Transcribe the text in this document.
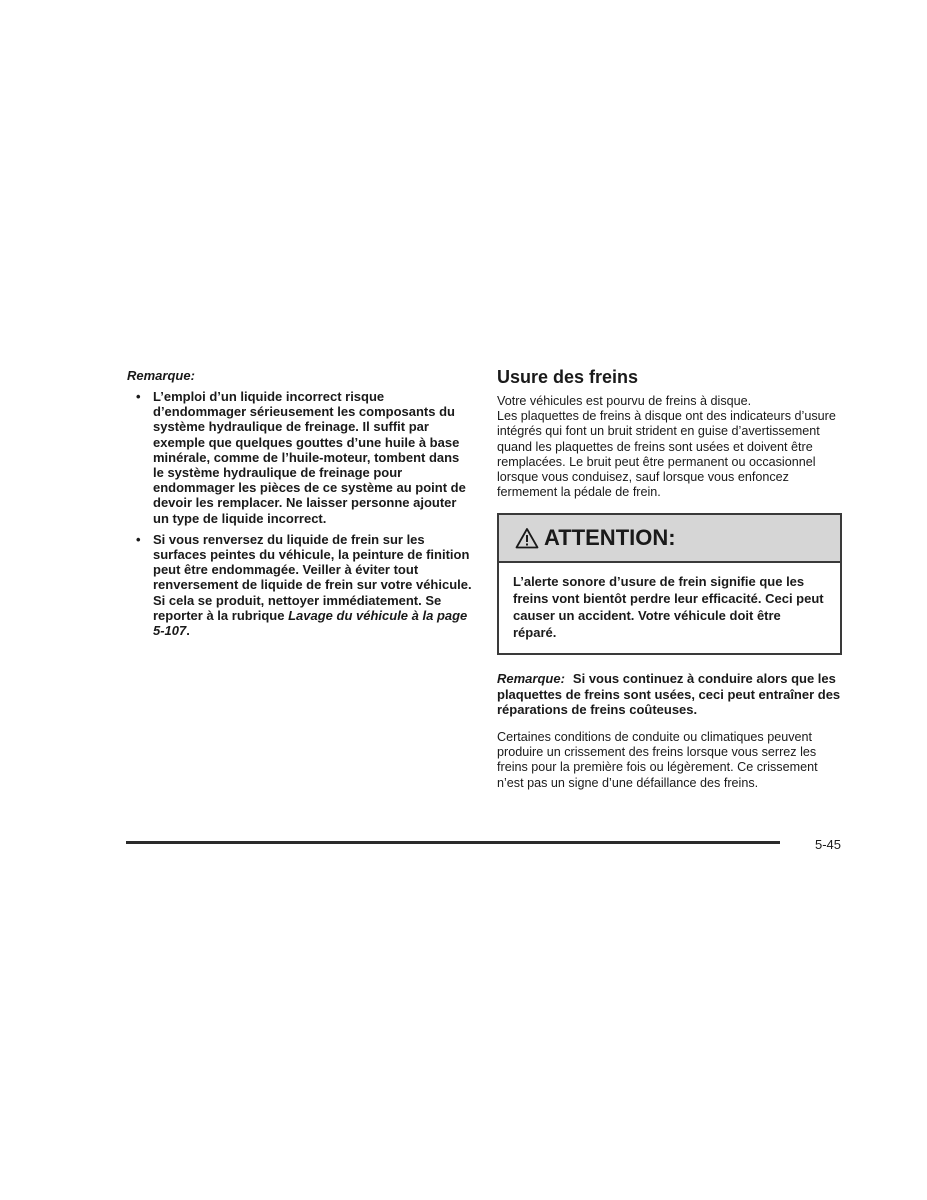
Remarque:

• L’emploi d’un liquide incorrect risque d’endommager sérieusement les composants du système hydraulique de freinage. Il suffit par exemple que quelques gouttes d’une huile à base minérale, comme de l’huile-moteur, tombent dans le système hydraulique de freinage pour endommager les pièces de ce système au point de devoir les remplacer. Ne laisser personne ajouter un type de liquide incorrect.
• Si vous renversez du liquide de frein sur les surfaces peintes du véhicule, la peinture de finition peut être endommagée. Veiller à éviter tout renversement de liquide de frein sur votre véhicule. Si cela se produit, nettoyer immédiatement. Se reporter à la rubrique Lavage du véhicule à la page 5-107.
Usure des freins

Votre véhicules est pourvu de freins à disque.

Les plaquettes de freins à disque ont des indicateurs d’usure intégrés qui font un bruit strident en guise d’avertissement quand les plaquettes de freins sont usées et doivent être remplacées. Le bruit peut être permanent ou occasionnel lorsque vous conduisez, sauf lorsque vous enfoncez fermement la pédale de frein.

ATTENTION:
L’alerte sonore d’usure de frein signifie que les freins vont bientôt perdre leur efficacité. Ceci peut causer un accident. Votre véhicule doit être réparé.

Remarque: Si vous continuez à conduire alors que les plaquettes de freins sont usées, ceci peut entraîner des réparations de freins coûteuses.

Certaines conditions de conduite ou climatiques peuvent produire un crissement des freins lorsque vous serrez les freins pour la première fois ou légèrement. Ce crissement n’est pas un signe d’une défaillance des freins.

5-45
